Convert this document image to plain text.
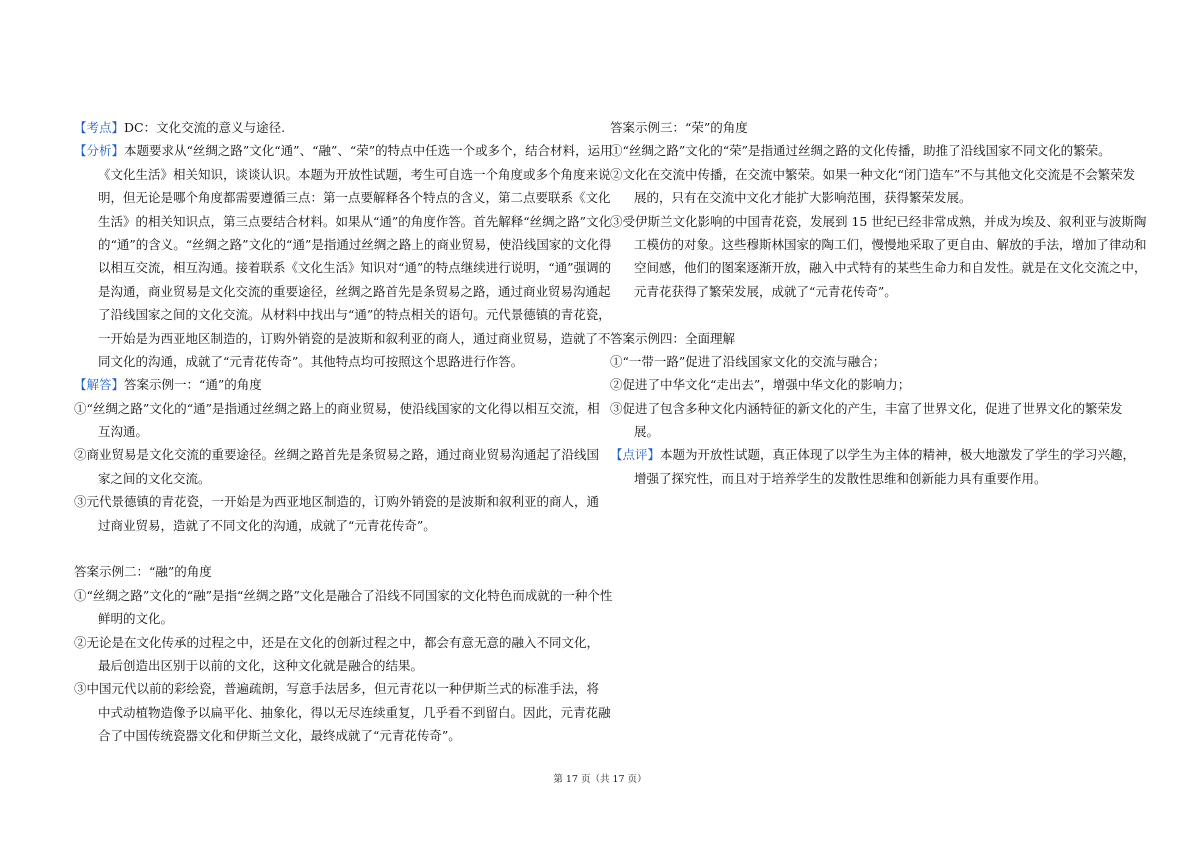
【考点】DC：文化交流的意义与途径.

【分析】本题要求从“丝绸之路”文化“通”、“融”、“荣”的特点中任选一个或多个，结合材料，运用

《文化生活》相关知识，谈谈认识。本题为开放性试题，考生可自选一个角度或多个角度来说

明，但无论是哪个角度都需要遵循三点：第一点要解释各个特点的含义，第二点要联系《文化

生活》的相关知识点，第三点要结合材料。如果从“通”的角度作答。首先解释“丝绸之路”文化

的“通”的含义。“丝绸之路”文化的“通”是指通过丝绸之路上的商业贸易，使沿线国家的文化得

以相互交流，相互沟通。接着联系《文化生活》知识对“通”的特点继续进行说明，“通”强调的

是沟通，商业贸易是文化交流的重要途径，丝绸之路首先是条贸易之路，通过商业贸易沟通起

了沿线国家之间的文化交流。从材料中找出与“通”的特点相关的语句。元代景德镇的青花瓷，

一开始是为西亚地区制造的，订购外销瓷的是波斯和叙利亚的商人，通过商业贸易，造就了不

同文化的沟通，成就了“元青花传奇”。其他特点均可按照这个思路进行作答。

【解答】答案示例一：“通”的角度

①“丝绸之路”文化的“通”是指通过丝绸之路上的商业贸易，使沿线国家的文化得以相互交流，相

互沟通。

②商业贸易是文化交流的重要途径。丝绸之路首先是条贸易之路，通过商业贸易沟通起了沿线国

家之间的文化交流。

③元代景德镇的青花瓷，一开始是为西亚地区制造的，订购外销瓷的是波斯和叙利亚的商人，通

过商业贸易，造就了不同文化的沟通，成就了“元青花传奇”。

答案示例二：“融”的角度

①“丝绸之路”文化的“融”是指“丝绸之路”文化是融合了沿线不同国家的文化特色而成就的一种个性

鲜明的文化。

②无论是在文化传承的过程之中，还是在文化的创新过程之中，都会有意无意的融入不同文化，

最后创造出区别于以前的文化，这种文化就是融合的结果。

③中国元代以前的彩绘瓷，普遍疏朗，写意手法居多，但元青花以一种伊斯兰式的标准手法，将

中式动植物造像予以扁平化、抽象化，得以无尽连续重复，几乎看不到留白。因此，元青花融

合了中国传统瓷器文化和伊斯兰文化，最终成就了“元青花传奇”。

答案示例三：“荣”的角度

①“丝绸之路”文化的“荣”是指通过丝绸之路的文化传播，助推了沿线国家不同文化的繁荣。

②文化在交流中传播，在交流中繁荣。如果一种文化“闭门造车”不与其他文化交流是不会繁荣发

展的，只有在交流中文化才能扩大影响范围，获得繁荣发展。

③受伊斯兰文化影响的中国青花瓷，发展到 15 世纪已经非常成熟，并成为埃及、叙利亚与波斯陶

工模仿的对象。这些穆斯林国家的陶工们，慢慢地采取了更自由、解放的手法，增加了律动和

空间感，他们的图案逐渐开放，融入中式特有的某些生命力和自发性。就是在文化交流之中，

元青花获得了繁荣发展，成就了“元青花传奇”。

答案示例四：全面理解

①“一带一路”促进了沿线国家文化的交流与融合；

②促进了中华文化“走出去”，增强中华文化的影响力；

③促进了包含多种文化内涵特征的新文化的产生，丰富了世界文化，促进了世界文化的繁荣发

展。

【点评】本题为开放性试题，真正体现了以学生为主体的精神，极大地激发了学生的学习兴趣，

增强了探究性，而且对于培养学生的发散性思维和创新能力具有重要作用。

第 17 页（共 17 页）
